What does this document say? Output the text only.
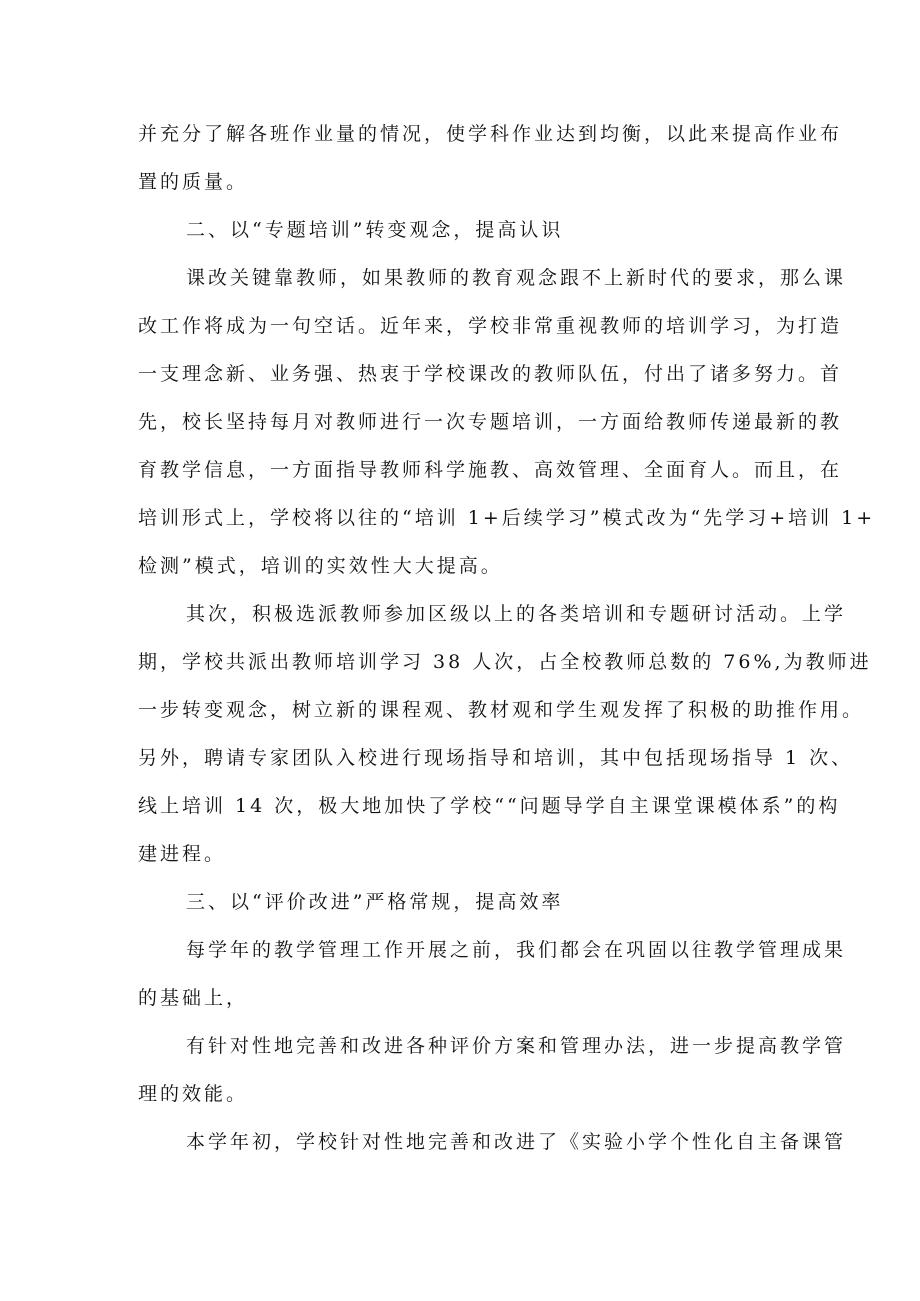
并充分了解各班作业量的情况，使学科作业达到均衡，以此来提高作业布
置的质量。
二、以“专题培训”转变观念，提高认识
课改关键靠教师，如果教师的教育观念跟不上新时代的要求，那么课
改工作将成为一句空话。近年来，学校非常重视教师的培训学习，为打造
一支理念新、业务强、热衷于学校课改的教师队伍，付出了诸多努力。首
先，校长坚持每月对教师进行一次专题培训，一方面给教师传递最新的教
育教学信息，一方面指导教师科学施教、高效管理、全面育人。而且，在
培训形式上，学校将以往的“培训 1+后续学习”模式改为“先学习+培训 1+
检测”模式，培训的实效性大大提高。
其次，积极选派教师参加区级以上的各类培训和专题研讨活动。上学
期，学校共派出教师培训学习 38 人次，占全校教师总数的 76%,为教师进
一步转变观念，树立新的课程观、教材观和学生观发挥了积极的助推作用。
另外，聘请专家团队入校进行现场指导和培训，其中包括现场指导 1 次、
线上培训 14 次，极大地加快了学校““问题导学自主课堂课模体系”的构
建进程。
三、以“评价改进”严格常规，提高效率
每学年的教学管理工作开展之前，我们都会在巩固以往教学管理成果
的基础上，
有针对性地完善和改进各种评价方案和管理办法，进一步提高教学管
理的效能。
本学年初，学校针对性地完善和改进了《实验小学个性化自主备课管
